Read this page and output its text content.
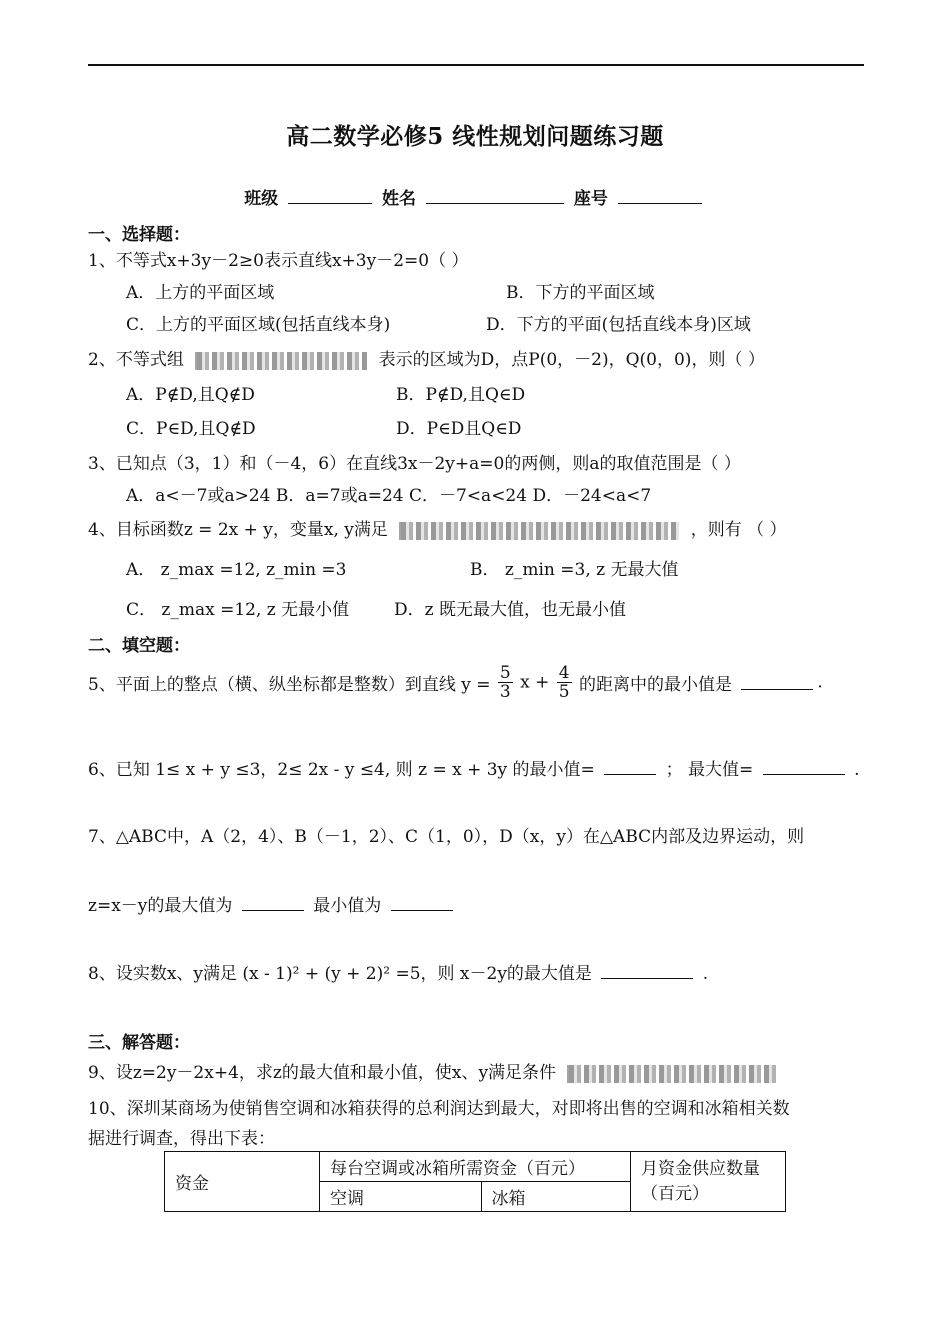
高二数学必修5 线性规划问题练习题
班级	姓名	座号
一、选择题：
1、不等式x+3y－2≥0表示直线x+3y－2=0（ ）
A．上方的平面区域	B．下方的平面区域
C．上方的平面区域(包括直线本身)	D．下方的平面(包括直线本身)区域
2、不等式组	表示的区域为D，点P(0，－2)，Q(0，0)，则（ ）
A．P∉D,且Q∉D	B．P∉D,且Q∈D
C．P∈D,且Q∉D	D．P∈D且Q∈D
3、已知点（3，1）和（－4，6）在直线3x－2y+a=0的两侧，则a的取值范围是（ ）
A．a<－7或a>24 B．a=7或a=24 C．－7<a<24 D．－24<a<7
4、目标函数z = 2x + y，变量x, y满足	，则有 （ ）
A． z_max =12, z_min =3	B． z_min =3, z 无最大值
C． z_max =12, z 无最小值	D．z 既无最大值，也无最小值
二、填空题：
5、平面上的整点（横、纵坐标都是整数）到直线 $y = \frac{5}{3}$ $x + \frac{4}{5}$ 的距离中的最小值是	.
6、已知 1≤ x + y ≤3，2≤ 2x - y ≤4, 则 z = x + 3y 的最小值=	； 最大值=	.
7、△ABC中，A（2，4）、B（－1，2）、C（1，0），D（x，y）在△ABC内部及边界运动，则
z=x－y的最大值为	最小值为
8、设实数x、y满足 (x - 1)² + (y + 2)² =5，则 x－2y的最大值是	.
三、解答题：
9、设z=2y－2x+4，求z的最大值和最小值，使x、y满足条件
10、深圳某商场为使销售空调和冰箱获得的总利润达到最大，对即将出售的空调和冰箱相关数
据进行调查，得出下表：
资金	每台空调或冰箱所需资金（百元）		月资金供应数量
（百元）

	空调	冰箱	
